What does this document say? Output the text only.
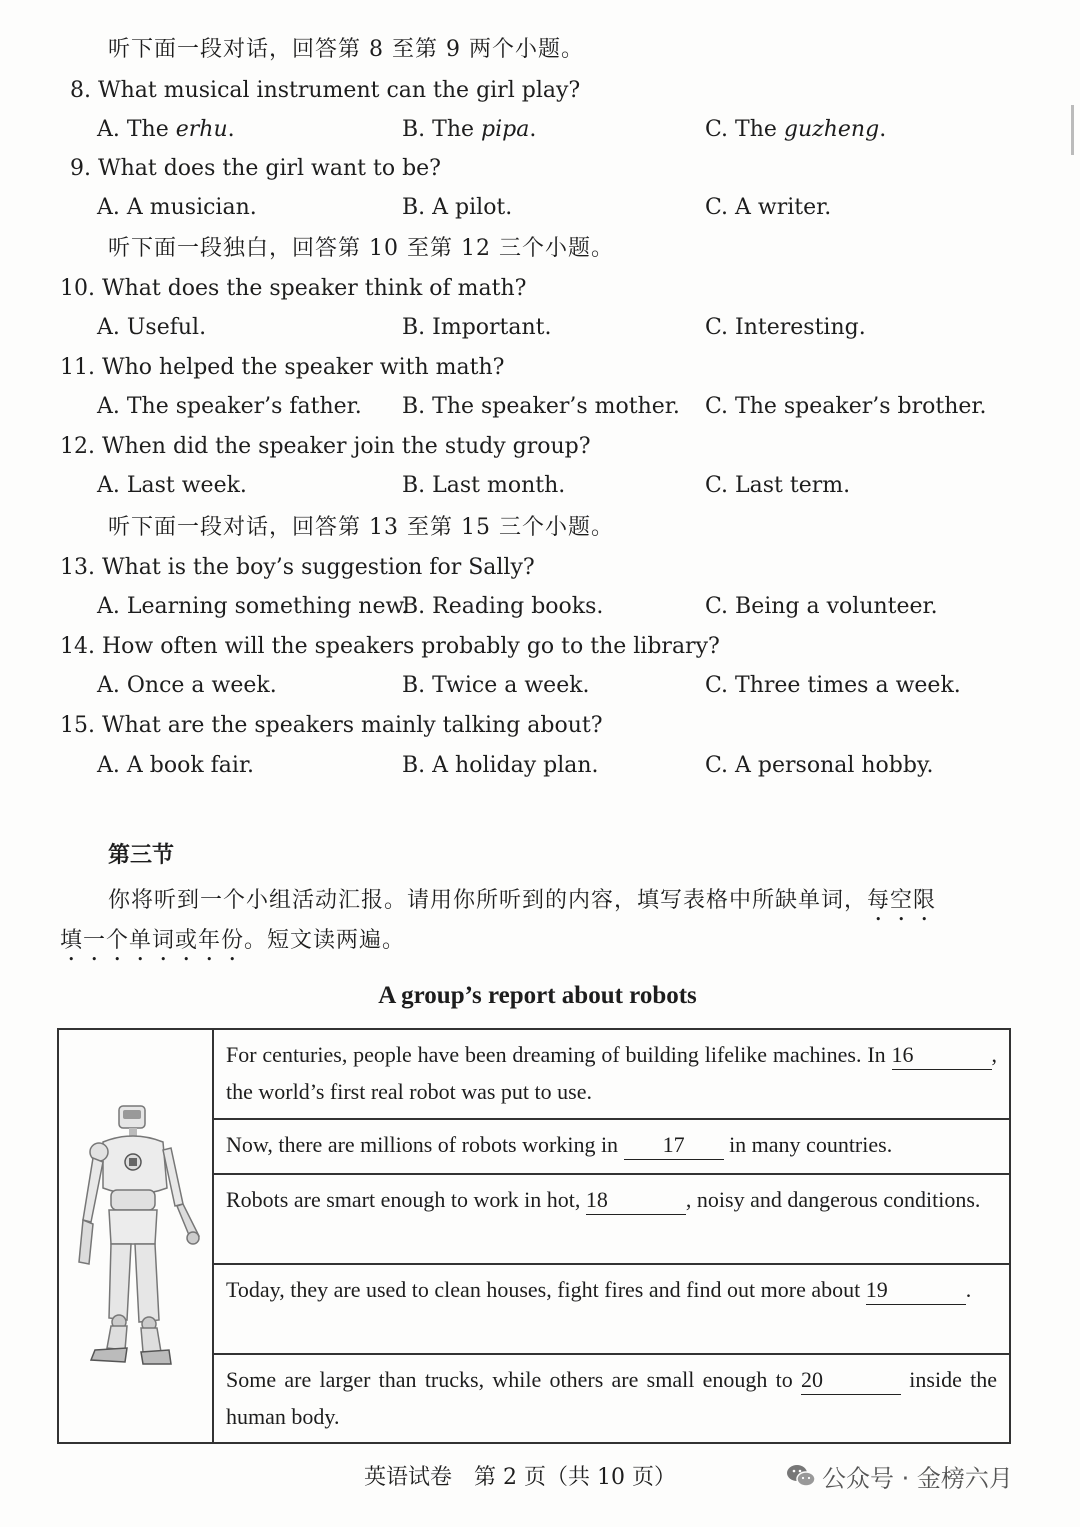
听下面一段对话，回答第 8 至第 9 两个小题。
8. What musical instrument can the girl play?
A. The erhu.	B. The pipa.	C. The guzheng.
9. What does the girl want to be?
A. A musician.	B. A pilot.	C. A writer.
听下面一段独白，回答第 10 至第 12 三个小题。
10. What does the speaker think of math?
A. Useful.	B. Important.	C. Interesting.
11. Who helped the speaker with math?
A. The speaker’s father. B. The speaker’s mother. C. The speaker’s brother.
12. When did the speaker join the study group?
A. Last week.	B. Last month.	C. Last term.
听下面一段对话，回答第 13 至第 15 三个小题。
13. What is the boy’s suggestion for Sally?
A. Learning something new.
B. Reading books.	C. Being a volunteer.
14. How often will the speakers probably go to the library?
A. Once a week.	B. Twice a week.	C. Three times a week.
15. What are the speakers mainly talking about?
A. A book fair.	B. A holiday plan.	C. A personal hobby.
第三节
你将听到一个小组活动汇报。请用你所听到的内容，填写表格中所缺单词，每空限
填一个单词或年份。短文读两遍。
A group’s report about robots
For centuries, people have been dreaming of building lifelike machines. In 16	, the world’s first real robot was put to use.
Now, there are millions of robots working in 17 in many countries.
Robots are smart enough to work in hot, 18	, noisy and dangerous conditions.
Today, they are used to clean houses, fight fires and find out more about 19	.
Some are larger than trucks, while others are small enough to 20	inside the human body.
英语试卷　第 2 页（共 10 页）	公众号 · 金榜六月
